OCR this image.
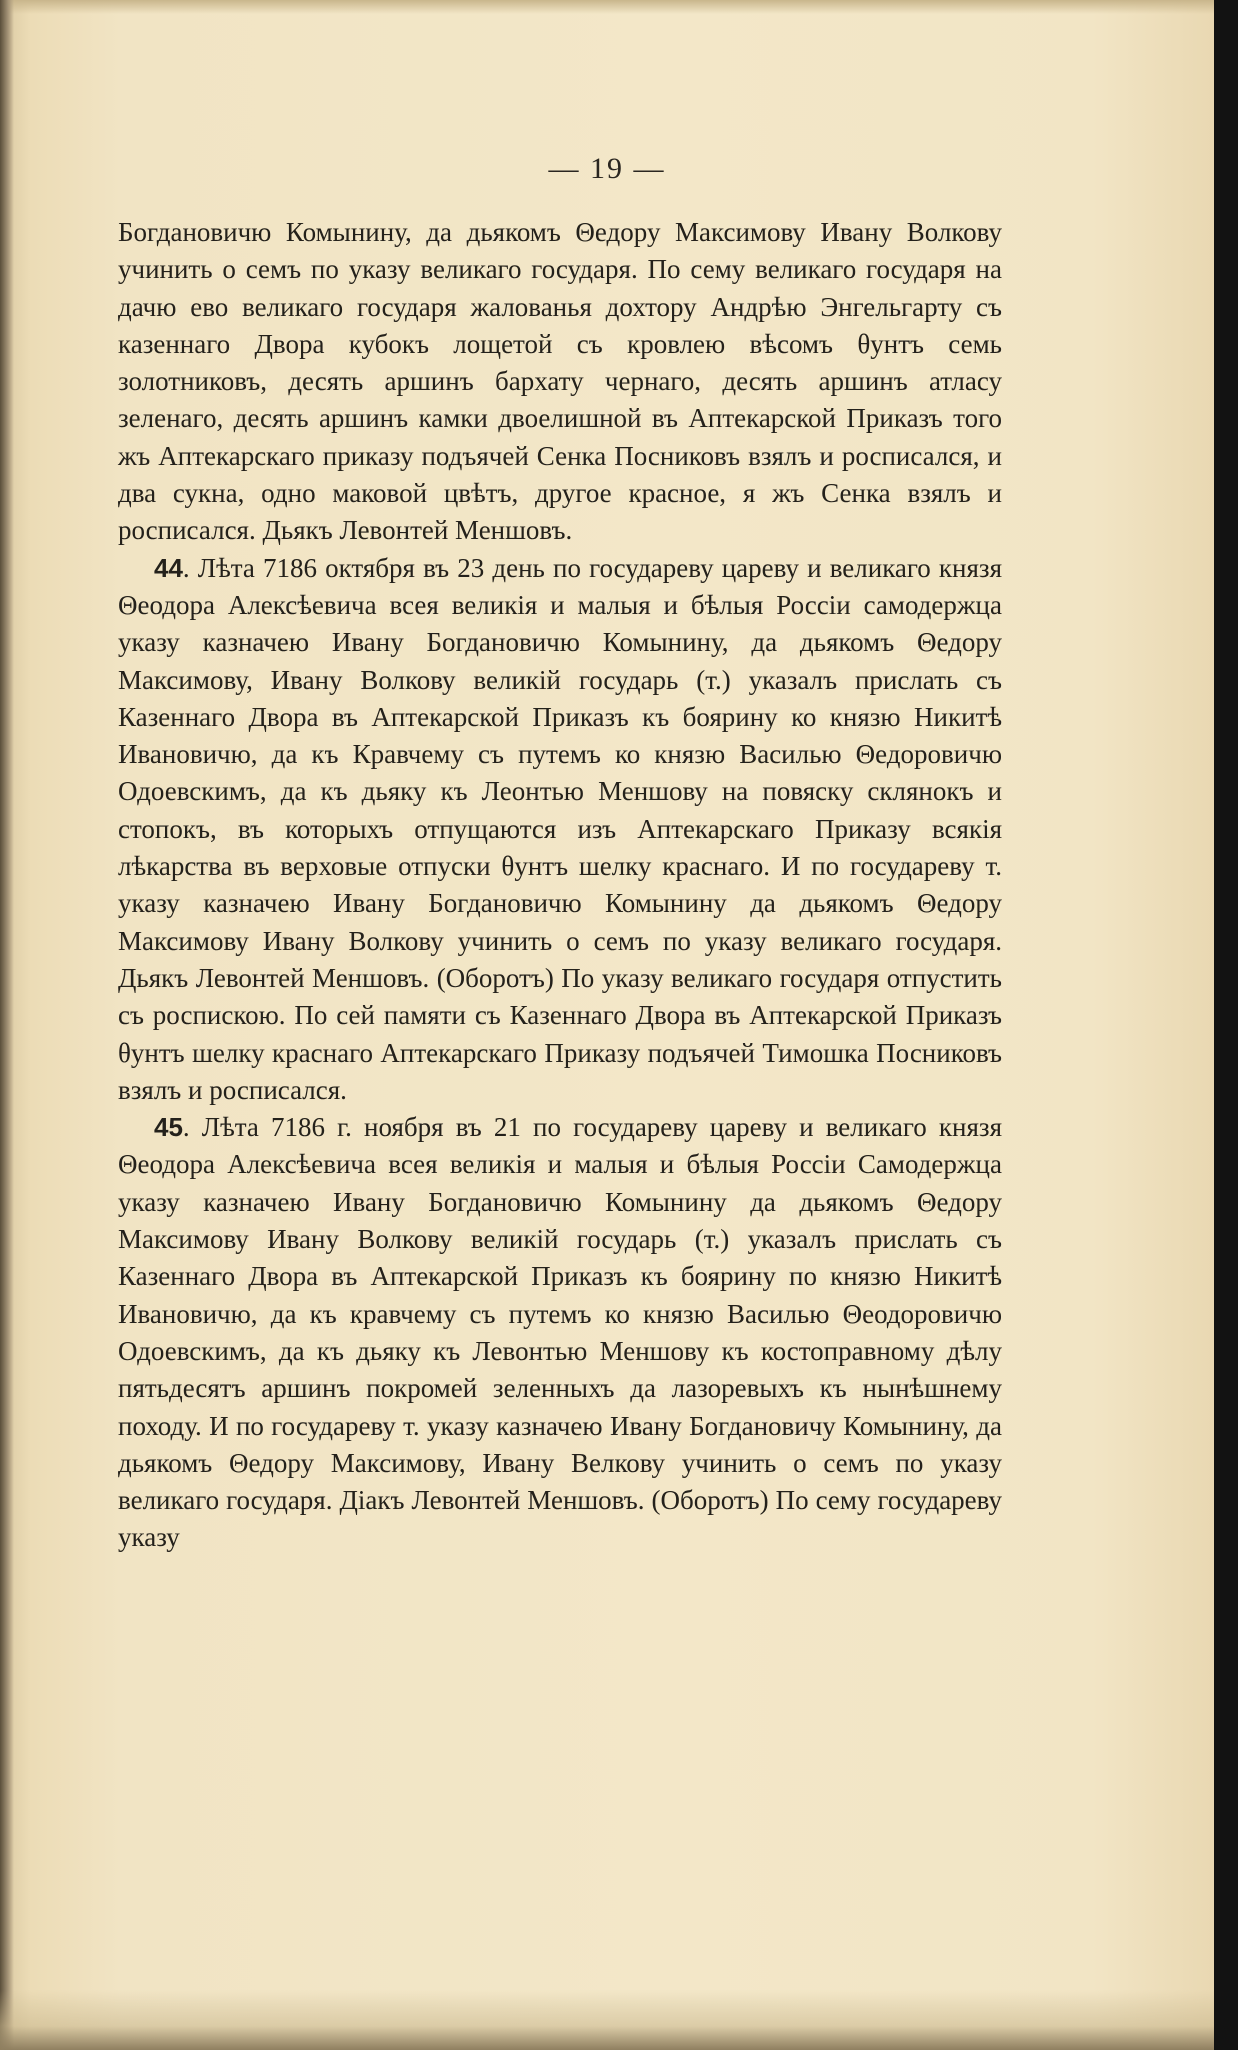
— 19 —

Богдановичю Комынину, да дьякомъ Θедору Максимову Ивану Волкову учинить о семъ по указу великаго государя. По сему великаго государя на дачю ево великаго государя жалованья дохтору Андрѣю Энгельгарту съ казеннаго Двора кубокъ лощетой съ кровлею вѣсомъ θунтъ семь золотниковъ, десять аршинъ бархату чернаго, десять аршинъ атласу зеленаго, десять аршинъ камки двоелишной въ Аптекарской Приказъ того жъ Аптекарскаго приказу подъячей Сенка Посниковъ взялъ и росписался, и два сукна, одно маковой цвѣтъ, другое красное, я жъ Сенка взялъ и росписался. Дьякъ Левонтей Меншовъ.

44. Лѣта 7186 октября въ 23 день по государеву цареву и великаго князя Θеодора Алексѣевича всея великія и малыя и бѣлыя Россіи самодержца указу казначею Ивану Богдановичю Комынину, да дьякомъ Θедору Максимову, Ивану Волкову великій государь (т.) указалъ прислать съ Казеннаго Двора въ Аптекарской Приказъ къ боярину ко князю Никитѣ Ивановичю, да къ Кравчему съ путемъ ко князю Василью Θедоровичю Одоевскимъ, да къ дьяку къ Леонтью Меншову на повяску склянокъ и стопокъ, въ которыхъ отпущаются изъ Аптекарскаго Приказу всякія лѣкарства въ верховые отпуски θунтъ шелку краснаго. И по государеву т. указу казначею Ивану Богдановичю Комынину да дьякомъ Θедору Максимову Ивану Волкову учинить о семъ по указу великаго государя. Дьякъ Левонтей Меншовъ. (Оборотъ) По указу великаго государя отпустить съ роспискою. По сей памяти съ Казеннаго Двора въ Аптекарской Приказъ θунтъ шелку краснаго Аптекарскаго Приказу подъячей Тимошка Посниковъ взялъ и росписался.

45. Лѣта 7186 г. ноября въ 21 по государеву цареву и великаго князя Θеодора Алексѣевича всея великія и малыя и бѣлыя Россіи Самодержца указу казначею Ивану Богдановичю Комынину да дьякомъ Θедору Максимову Ивану Волкову великій государь (т.) указалъ прислать съ Казеннаго Двора въ Аптекарской Приказъ къ боярину по князю Никитѣ Ивановичю, да къ кравчему съ путемъ ко князю Василью Θеодоровичю Одоевскимъ, да къ дьяку къ Левонтью Меншову къ костоправному дѣлу пятьдесятъ аршинъ покромей зеленныхъ да лазоревыхъ къ нынѣшнему походу. И по государеву т. указу казначею Ивану Богдановичу Комынину, да дьякомъ Θедору Максимову, Ивану Велкову учинить о семъ по указу великаго государя. Діакъ Левонтей Меншовъ. (Оборотъ) По сему государеву указу
